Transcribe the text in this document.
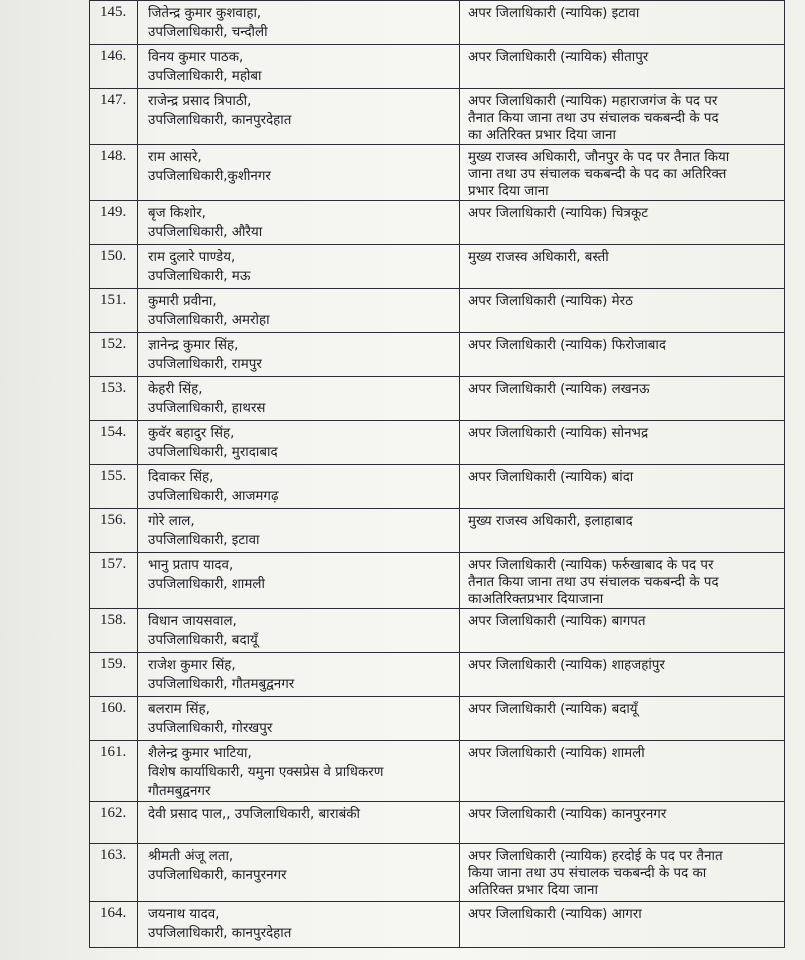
145.	जितेन्द्र कुमार कुशवाहा,
उपजिलाधिकारी, चन्दौली	अपर जिलाधिकारी (न्यायिक) इटावा

146.	विनय कुमार पाठक,
उपजिलाधिकारी, महोबा	अपर जिलाधिकारी (न्यायिक) सीतापुर

147.	राजेन्द्र प्रसाद त्रिपाठी,
उपजिलाधिकारी, कानपुरदेहात	अपर जिलाधिकारी (न्यायिक) महाराजगंज के पद पर
तैनात किया जाना तथा उप संचालक चकबन्दी के पद
का अतिरिक्त प्रभार दिया जाना

148.	राम आसरे,
उपजिलाधिकारी,कुशीनगर	मुख्य राजस्व अधिकारी, जौनपुर के पद पर तैनात किया
जाना तथा उप संचालक चकबन्दी के पद का अतिरिक्त
प्रभार दिया जाना

149.	बृज किशोर,
उपजिलाधिकारी, औरैया	अपर जिलाधिकारी (न्यायिक) चित्रकूट

150.	राम दुलारे पाण्डेय,
उपजिलाधिकारी, मऊ	मुख्य राजस्व अधिकारी, बस्ती

151.	कुमारी प्रवीना,
उपजिलाधिकारी, अमरोहा	अपर जिलाधिकारी (न्यायिक) मेरठ

152.	ज्ञानेन्द्र कुमार सिंह,
उपजिलाधिकारी, रामपुर	अपर जिलाधिकारी (न्यायिक) फिरोजाबाद

153.	केहरी सिंह,
उपजिलाधिकारी, हाथरस	अपर जिलाधिकारी (न्यायिक) लखनऊ

154.	कुवॅर बहादुर सिंह,
उपजिलाधिकारी, मुरादाबाद	अपर जिलाधिकारी (न्यायिक) सोनभद्र

155.	दिवाकर सिंह,
उपजिलाधिकारी, आजमगढ़	अपर जिलाधिकारी (न्यायिक) बांदा

156.	गोरे लाल,
उपजिलाधिकारी, इटावा	मुख्य राजस्व अधिकारी, इलाहाबाद

157.	भानु प्रताप यादव,
उपजिलाधिकारी, शामली	अपर जिलाधिकारी (न्यायिक) फर्रुखाबाद के पद पर
तैनात किया जाना तथा उप संचालक चकबन्दी के पद
काअतिरिक्तप्रभार दियाजाना

158.	विधान जायसवाल,
उपजिलाधिकारी, बदायूँ	अपर जिलाधिकारी (न्यायिक) बागपत

159.	राजेश कुमार सिंह,
उपजिलाधिकारी, गौतमबुद्वनगर	अपर जिलाधिकारी (न्यायिक) शाहजहांपुर

160.	बलराम सिंह,
उपजिलाधिकारी, गोरखपुर	अपर जिलाधिकारी (न्यायिक) बदायूँ

161.	शैलेन्द्र कुमार भाटिया,
विशेष कार्याधिकारी, यमुना एक्सप्रेस वे प्राधिकरण
गौतमबुद्वनगर	अपर जिलाधिकारी (न्यायिक) शामली

162.	देवी प्रसाद पाल,, उपजिलाधिकारी, बाराबंकी	अपर जिलाधिकारी (न्यायिक) कानपुरनगर

163.	श्रीमती अंजू लता,
उपजिलाधिकारी, कानपुरनगर	अपर जिलाधिकारी (न्यायिक) हरदोई के पद पर तैनात
किया जाना तथा उप संचालक चकबन्दी के पद का
अतिरिक्त प्रभार दिया जाना

164.	जयनाथ यादव,
उपजिलाधिकारी, कानपुरदेहात	अपर जिलाधिकारी (न्यायिक) आगरा
